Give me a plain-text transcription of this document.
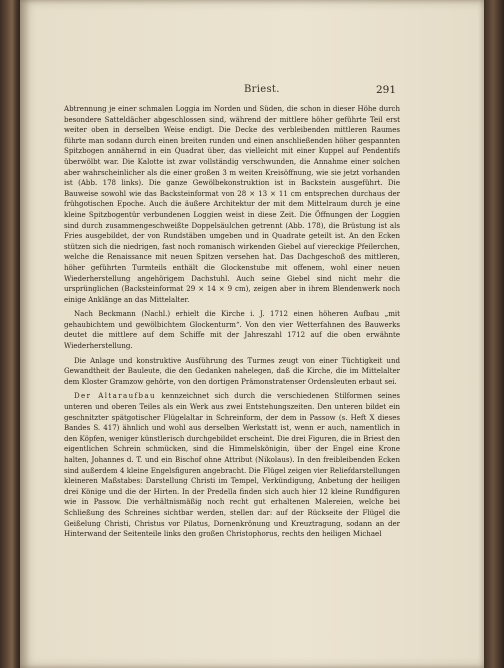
Briest.	291

Abtrennung je einer schmalen Loggia im Norden und Süden, die schon in dieser Höhe durch besondere Satteldächer abgeschlossen sind, während der mittlere höher geführte Teil erst weiter oben in derselben Weise endigt. Die Decke des verbleibenden mittleren Raumes führte man sodann durch einen breiten runden und einen anschließenden höher gespannten Spitzbogen annähernd in ein Quadrat über, das vielleicht mit einer Kuppel auf Pendentifs überwölbt war. Die Kalotte ist zwar vollständig verschwunden, die Annahme einer solchen aber wahrscheinlicher als die einer großen 3 m weiten Kreisöffnung, wie sie jetzt vorhanden ist (Abb. 178 links). Die ganze Gewölbekonstruktion ist in Backstein ausgeführt. Die Bauweise sowohl wie das Backsteinformat von 28 × 13 × 11 cm entsprechen durchaus der frühgotischen Epoche. Auch die äußere Architektur der mit dem Mittelraum durch je eine kleine Spitzbogentür verbundenen Loggien weist in diese Zeit. Die Öffnungen der Loggien sind durch zusammengeschweißte Doppelsäulchen getrennt (Abb. 178), die Brüstung ist als Fries ausgebildet, der von Rundstäben umgeben und in Quadrate geteilt ist. An den Ecken stützen sich die niedrigen, fast noch romanisch wirkenden Giebel auf viereckige Pfeilerchen, welche die Renaissance mit neuen Spitzen versehen hat. Das Dachgeschoß des mittleren, höher geführten Turmteils enthält die Glockenstube mit offenem, wohl einer neuen Wiederherstellung angehörigem Dachstuhl. Auch seine Giebel sind nicht mehr die ursprünglichen (Backsteinformat 29 × 14 × 9 cm), zeigen aber in ihrem Blendenwerk noch einige Anklänge an das Mittelalter.

Nach Beckmann (Nachl.) erhielt die Kirche i. J. 1712 einen höheren Aufbau „mit gehaubichtem und gewölbichtem Glockenturm“. Von den vier Wetterfahnen des Bauwerks deutet die mittlere auf dem Schiffe mit der Jahreszahl 1712 auf die oben erwähnte Wiederherstellung.

Die Anlage und konstruktive Ausführung des Turmes zeugt von einer Tüchtigkeit und Gewandtheit der Bauleute, die den Gedanken nahelegen, daß die Kirche, die im Mittelalter dem Kloster Gramzow gehörte, von den dortigen Prämonstratenser Ordensleuten erbaut sei.

Der Altaraufbau kennzeichnet sich durch die verschiedenen Stilformen seines unteren und oberen Teiles als ein Werk aus zwei Entstehungszeiten. Den unteren bildet ein geschnitzter spätgotischer Flügelaltar in Schreinform, der dem in Passow (s. Heft X dieses Bandes S. 417) ähnlich und wohl aus derselben Werkstatt ist, wenn er auch, namentlich in den Köpfen, weniger künstlerisch durchgebildet erscheint. Die drei Figuren, die in Briest den eigentlichen Schrein schmücken, sind die Himmelskönigin, über der Engel eine Krone halten, Johannes d. T. und ein Bischof ohne Attribut (Nikolaus). In den freibleibenden Ecken sind außerdem 4 kleine Engelsfiguren angebracht. Die Flügel zeigen vier Reliefdarstellungen kleineren Maßstabes: Darstellung Christi im Tempel, Verkündigung, Anbetung der heiligen drei Könige und die der Hirten. In der Predella finden sich auch hier 12 kleine Rundfiguren wie in Passow. Die verhältnismäßig noch recht gut erhaltenen Malereien, welche bei Schließung des Schreines sichtbar werden, stellen dar: auf der Rückseite der Flügel die Geißelung Christi, Christus vor Pilatus, Dornenkrönung und Kreuztragung, sodann an der Hinterwand der Seitenteile links den großen Christophorus, rechts den heiligen Michael
